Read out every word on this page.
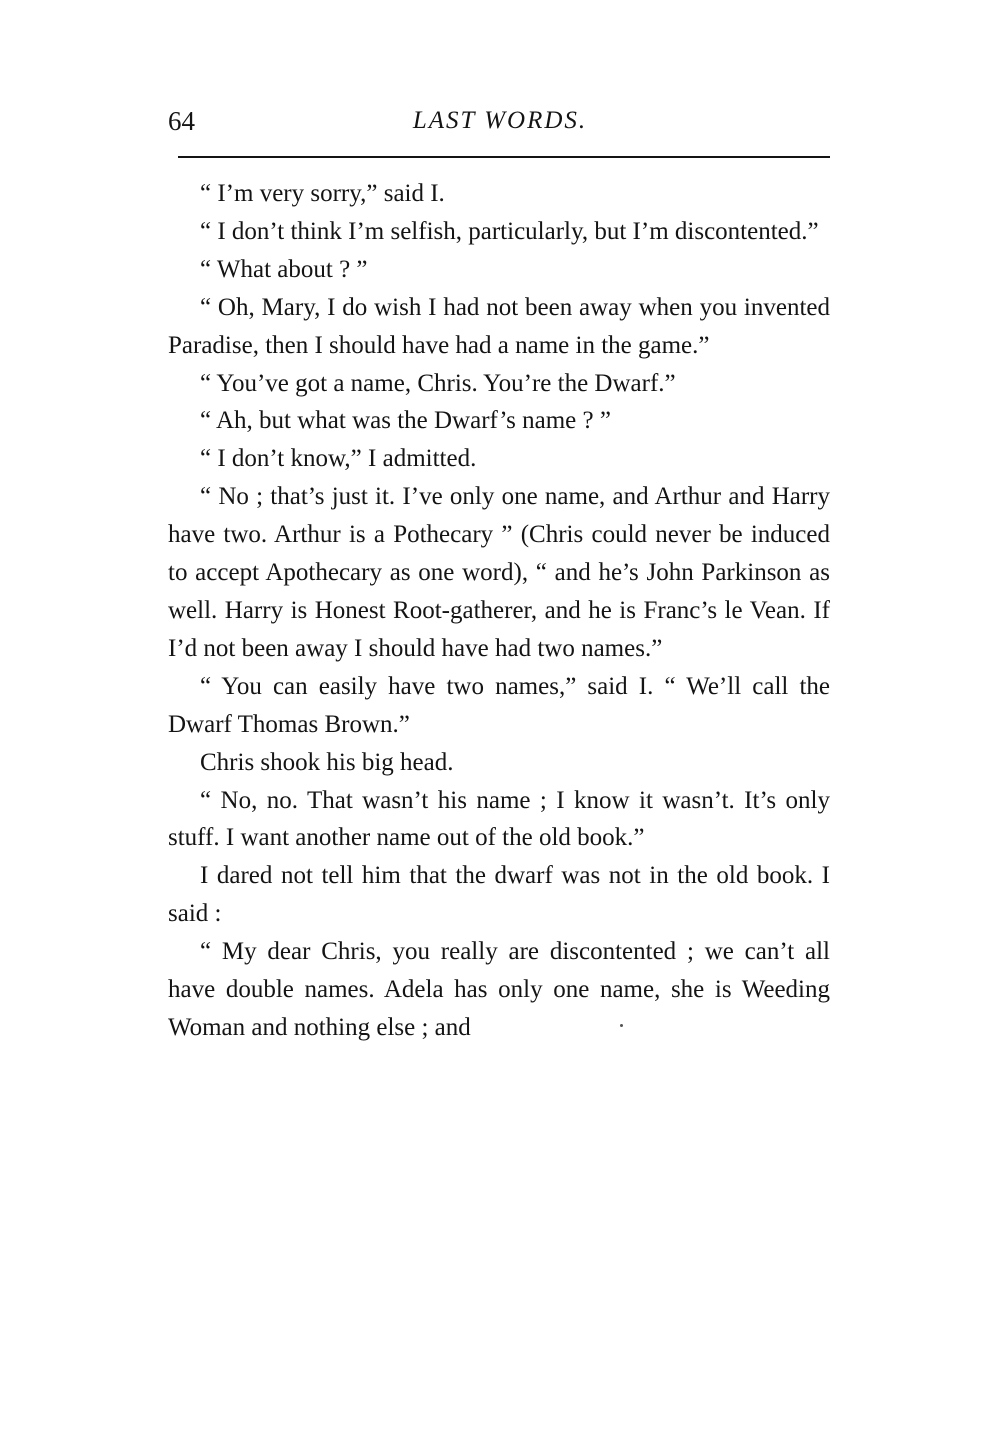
64	LAST WORDS.

“ I’m very sorry,” said I.

“ I don’t think I’m selfish, particularly, but I’m discontented.”

“ What about ? ”

“ Oh, Mary, I do wish I had not been away when you invented Paradise, then I should have had a name in the game.”

“ You’ve got a name, Chris. You’re the Dwarf.”

“ Ah, but what was the Dwarf’s name ? ”

“ I don’t know,” I admitted.

“ No ; that’s just it. I’ve only one name, and Arthur and Harry have two. Arthur is a Pothecary ” (Chris could never be induced to accept Apothecary as one word), “ and he’s John Parkinson as well. Harry is Honest Root-gatherer, and he is Franc’s le Vean. If I’d not been away I should have had two names.”

“ You can easily have two names,” said I. “ We’ll call the Dwarf Thomas Brown.”

Chris shook his big head.

“ No, no. That wasn’t his name ; I know it wasn’t. It’s only stuff. I want another name out of the old book.”

I dared not tell him that the dwarf was not in the old book. I said :

“ My dear Chris, you really are discontented ; we can’t all have double names. Adela has only one name, she is Weeding Woman and nothing else ; and
